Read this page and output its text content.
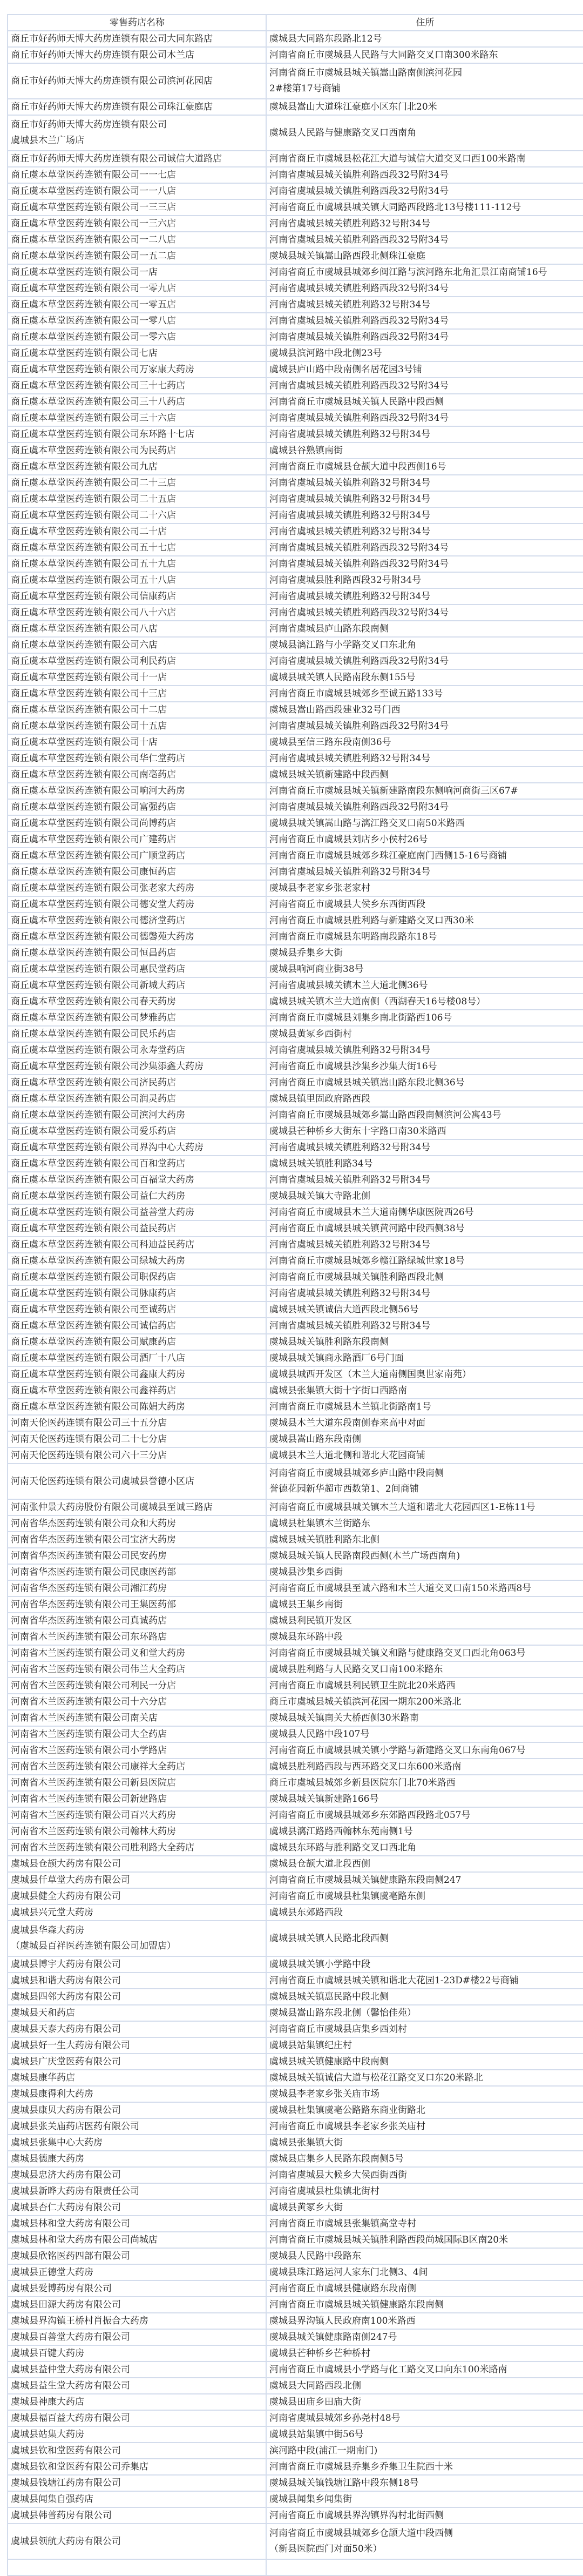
零售药店名称	住所
商丘市好药师天博大药房连锁有限公司大同东路店	虞城县大同路东段路北12号
商丘市好药师天博大药房连锁有限公司木兰店	河南省商丘市虞城县人民路与大同路交叉口南300米路东
商丘市好药师天博大药房连锁有限公司滨河花园店	河南省商丘市虞城县城关镇嵩山路南侧滨河花园
2#楼第17号商铺

商丘市好药师天博大药房连锁有限公司珠江豪庭店	虞城县嵩山大道珠江豪庭小区东门北20米

商丘市好药师天博大药房连锁有限公司
虞城县木兰广场店	虞城县人民路与健康路交叉口西南角
商丘市好药师天博大药房连锁有限公司诚信大道路店	河南省商丘市虞城县松花江大道与诚信大道交叉口西100米路南
商丘虞本草堂医药连锁有限公司一一七店	河南省虞城县城关镇胜利路西段32号附34号
商丘虞本草堂医药连锁有限公司一一八店	河南省虞城县城关镇胜利路西段32号附34号
商丘虞本草堂医药连锁有限公司一三三店	河南省商丘市虞城县城关镇大同路西段路北13号楼111-112号
商丘虞本草堂医药连锁有限公司一三六店	河南省虞城县城关镇胜利路32号附34号
商丘虞本草堂医药连锁有限公司一二八店	河南省虞城县城关镇胜利路西段32号附34号
商丘虞本草堂医药连锁有限公司一五二店	虞城县城关镇嵩山路西段北侧珠江豪庭
商丘虞本草堂医药连锁有限公司一店	河南省商丘市虞城县城郊乡闽江路与滨河路东北角汇景江南商铺16号
商丘虞本草堂医药连锁有限公司一零九店	河南省虞城县城关镇胜利路西段32号附34号
商丘虞本草堂医药连锁有限公司一零五店	河南省虞城县城关镇胜利路32号附34号
商丘虞本草堂医药连锁有限公司一零八店	河南省虞城县城关镇胜利路西段32号附34号
商丘虞本草堂医药连锁有限公司一零六店	河南省虞城县城关镇胜利路西段32号附34号
商丘虞本草堂医药连锁有限公司七店	虞城县滨河路中段北侧23号
商丘虞本草堂医药连锁有限公司万家康大药房	虞城县庐山路中段南侧名居花园3号铺
商丘虞本草堂医药连锁有限公司三十七药店	河南省虞城县城关镇胜利路西段32号附34号
商丘虞本草堂医药连锁有限公司三十八药店	河南省商丘市虞城县城关镇人民路中段西侧
商丘虞本草堂医药连锁有限公司三十六店	河南省虞城县城关镇胜利路西段32号附34号
商丘虞本草堂医药连锁有限公司东环路十七店	河南省虞城县城关镇胜利路32号附34号
商丘虞本草堂医药连锁有限公司为民药店	虞城县谷熟镇南街
商丘虞本草堂医药连锁有限公司九店	河南省商丘市虞城县仓颉大道中段西侧16号
商丘虞本草堂医药连锁有限公司二十三店	河南省虞城县城关镇胜利路32号附34号
商丘虞本草堂医药连锁有限公司二十五店	河南省虞城县城关镇胜利路32号附34号
商丘虞本草堂医药连锁有限公司二十六店	河南省虞城县城关镇胜利路32号附34号
商丘虞本草堂医药连锁有限公司二十店	河南省虞城县城关镇胜利路32号附34号
商丘虞本草堂医药连锁有限公司五十七店	河南省虞城县城关镇胜利路西段32号附34号
商丘虞本草堂医药连锁有限公司五十九店	河南省虞城县城关镇胜利路西段32号附34号
商丘虞本草堂医药连锁有限公司五十八店	河南省虞城县胜利路西段32号附34号
商丘虞本草堂医药连锁有限公司信康药店	河南省虞城县城关镇胜利路32号附34号
商丘虞本草堂医药连锁有限公司八十六店	河南省虞城县城关镇胜利路西段32号附34号
商丘虞本草堂医药连锁有限公司八店	河南省虞城县庐山路东段南侧
商丘虞本草堂医药连锁有限公司六店	虞城县漓江路与小学路交叉口东北角
商丘虞本草堂医药连锁有限公司利民药店	河南省虞城县城关镇胜利路西段32号附34号
商丘虞本草堂医药连锁有限公司十一店	虞城县城关镇人民路南段东侧155号
商丘虞本草堂医药连锁有限公司十三店	河南省商丘市虞城县城郊乡至诚五路133号
商丘虞本草堂医药连锁有限公司十二店	虞城县嵩山路西段建业32号门西
商丘虞本草堂医药连锁有限公司十五店	河南省虞城县城关镇胜利路西段32号附34号
商丘虞本草堂医药连锁有限公司十店	虞城县至信三路东段南侧36号
商丘虞本草堂医药连锁有限公司华仁堂药店	河南省虞城县城关镇胜利路32号附34号
商丘虞本草堂医药连锁有限公司南亳药店	虞城县城关镇新建路中段西侧
商丘虞本草堂医药连锁有限公司响河大药房	河南省商丘市虞城县城关镇新建路南段东侧响河商街三区67#
商丘虞本草堂医药连锁有限公司富强药店	河南省虞城县城关镇胜利路西段32号附34号
商丘虞本草堂医药连锁有限公司尚博药店	虞城县城关镇嵩山路与漓江路交叉口南50米路西
商丘虞本草堂医药连锁有限公司广建药店	河南省商丘市虞城县刘店乡小侯村26号
商丘虞本草堂医药连锁有限公司广顺堂药店	河南省商丘市虞城县城郊乡珠江豪庭南门西侧15-16号商铺
商丘虞本草堂医药连锁有限公司康恒药店	河南省虞城县城关镇胜利路32号附34号
商丘虞本草堂医药连锁有限公司张老家大药房	虞城县李老家乡张老家村
商丘虞本草堂医药连锁有限公司德安堂大药房	河南省商丘市虞城县大侯乡东西街西段
商丘虞本草堂医药连锁有限公司德济堂药店	河南省商丘市虞城县胜利路与新建路交叉口西30米
商丘虞本草堂医药连锁有限公司德馨苑大药房	河南省商丘市虞城县东明路南段路东18号
商丘虞本草堂医药连锁有限公司恒昌药店	虞城县乔集乡大街
商丘虞本草堂医药连锁有限公司惠民堂药店	虞城县响河商业街38号
商丘虞本草堂医药连锁有限公司新城大药店	河南省虞城县城关镇木兰大道北侧36号
商丘虞本草堂医药连锁有限公司春天药房	虞城县城关镇木兰大道南侧（西湖春天16号楼08号）
商丘虞本草堂医药连锁有限公司梦雅药店	河南省商丘市虞城县刘集乡南北街路西106号
商丘虞本草堂医药连锁有限公司民乐药店	虞城县黄冢乡西街村
商丘虞本草堂医药连锁有限公司永寿堂药店	河南省虞城县城关镇胜利路32号附34号
商丘虞本草堂医药连锁有限公司沙集添鑫大药房	河南省商丘市虞城县沙集乡沙集大街16号
商丘虞本草堂医药连锁有限公司济民药店	河南省商丘市虞城县城关镇嵩山路东段北侧36号
商丘虞本草堂医药连锁有限公司润灵药店	虞城县镇里固政府路西段
商丘虞本草堂医药连锁有限公司滨河大药房	河南省商丘市虞城县城郊乡嵩山路西段南侧滨河公寓43号
商丘虞本草堂医药连锁有限公司爱乐药店	虞城县芒种桥乡大街东十字路口南30米路西
商丘虞本草堂医药连锁有限公司界沟中心大药房	河南省虞城县城关镇胜利路32号附34号
商丘虞本草堂医药连锁有限公司百和堂药店	虞城县城关镇胜利路34号
商丘虞本草堂医药连锁有限公司百福堂大药房	河南省虞城县城关镇胜利路32号附34号
商丘虞本草堂医药连锁有限公司益仁大药房	虞城县城关镇大寺路北侧
商丘虞本草堂医药连锁有限公司益善堂大药房	河南省商丘市虞城县木兰大道南侧华康医院西26号
商丘虞本草堂医药连锁有限公司益民药店	河南省商丘市虞城县城关镇黄河路中段西侧38号
商丘虞本草堂医药连锁有限公司科迪益民药店	河南省虞城县城关镇胜利路32号附34号
商丘虞本草堂医药连锁有限公司绿城大药房	河南省商丘市虞城县城郊乡赣江路绿城世家18号
商丘虞本草堂医药连锁有限公司职保药店	河南省商丘市虞城县城关镇胜利路西段北侧
商丘虞本草堂医药连锁有限公司脉康药店	河南省虞城县城关镇胜利路32号附34号
商丘虞本草堂医药连锁有限公司至诚药店	虞城县城关镇诚信大道西段北侧56号
商丘虞本草堂医药连锁有限公司诚信药店	河南省虞城县城关镇胜利路32号附34号
商丘虞本草堂医药连锁有限公司赋康药店	虞城县城关镇胜利路东段南侧
商丘虞本草堂医药连锁有限公司酒厂十八店	虞城县城关镇商永路酒厂6号门面
商丘虞本草堂医药连锁有限公司鑫康大药房	虞城县城西开发区（木兰大道南侧国奥世家南苑）
商丘虞本草堂医药连锁有限公司鑫祥药店	虞城县张集镇大街十字街口西路南
商丘虞本草堂医药连锁有限公司陈娟大药房	河南省商丘市虞城县木兰镇北街路南1号
河南天伦医药连锁有限公司三十五分店	虞城县木兰大道东段南侧春来高中对面
河南天伦医药连锁有限公司二十七分店	虞城县嵩山路东段南侧
河南天伦医药连锁有限公司六十三分店	虞城县木兰大道北侧和谐北大花园商铺
河南天伦医药连锁有限公司虞城县誉德小区店	河南省商丘市虞城县城郊乡庐山路中段南侧
誉德花园新华超市西数第1、2间商铺

河南张仲景大药房股份有限公司虞城县至诚三路店	河南省商丘市虞城县城关镇木兰大道和谐北大花园西区1-E栋11号
河南省华杰医药连锁有限公司众和大药房	虞城县杜集镇木兰街路东
河南省华杰医药连锁有限公司宝济大药房	虞城县城关镇胜利路东北侧
河南省华杰医药连锁有限公司民安药房	虞城县城关镇人民路南段西侧(木兰广场西南角)
河南省华杰医药连锁有限公司民康医药部	虞城县沙集乡西街
河南省华杰医药连锁有限公司湘江药房	河南省商丘市虞城县至诚六路和木兰大道交叉口南150米路西8号
河南省华杰医药连锁有限公司王集医药部	虞城县王集乡南街
河南省华杰医药连锁有限公司真诚药店	虞城县利民镇开发区
河南省木兰医药连锁有限公司东环路店	虞城县东环路中段
河南省木兰医药连锁有限公司义和堂大药房	河南省商丘市虞城县城关镇义和路与健康路交叉口西北角063号
河南省木兰医药连锁有限公司伟兰大全药店	虞城县胜利路与人民路交叉口南100米路东
河南省木兰医药连锁有限公司利民一分店	河南省商丘市虞城县利民镇卫生院北20米路西
河南省木兰医药连锁有限公司十六分店	商丘市虞城县城关镇滨河花园一期东200米路北
河南省木兰医药连锁有限公司南关店	虞城县城关镇南关大桥西侧30米路南
河南省木兰医药连锁有限公司大全药店	虞城县人民路中段107号
河南省木兰医药连锁有限公司小学路店	河南省商丘市虞城县城关镇小学路与新建路交叉口东南角067号
河南省木兰医药连锁有限公司康祥大全药店	虞城县胜利路西段与西环路交叉口东600米路南
河南省木兰医药连锁有限公司新县医院店	商丘市虞城县城郊乡新县医院东门北70米路西
河南省木兰医药连锁有限公司新建路店	虞城县城关镇新建路166号
河南省木兰医药连锁有限公司百兴大药房	河南省商丘市虞城县城郊乡东郊路西段路北057号
河南省木兰医药连锁有限公司翰林大药房	虞城县漓江路路西翰林东苑南侧1号
河南省木兰医药连锁有限公司胜利路大全药店	虞城县东环路与胜利路交叉口西北角
虞城县仓颉大药房有限公司	虞城县仓颉大道北段西侧
虞城县仟草堂大药房有限公司	河南省商丘市虞城县城关镇健康路东段南侧247
虞城县健全大药房有限公司	河南省商丘市虞城县杜集镇虞亳路东侧
虞城县兴元堂大药房	虞城县东郊路西段

虞城县华森大药房
（虞城县百祥医药连锁有限公司加盟店）	虞城县城关镇人民路北段西侧
虞城县博宇大药房有限公司	虞城县城关镇小学路中段
虞城县和谐大药房有限公司	河南省商丘市虞城县城关镇和谐北大花园1-23D#楼22号商铺
虞城县四邻大药房有限公司	虞城县城关镇惠民路中段北侧
虞城县天和药店	虞城县嵩山路东段北侧（馨怡佳苑）
虞城县天泰大药房有限公司	河南省商丘市虞城县店集乡西刘村
虞城县好一生大药房有限公司	虞城县站集镇纪庄村
虞城县广庆堂医药有限公司	虞城县城关镇健康路中段南侧
虞城县康华药店	虞城县城关镇诚信大道与松花江路交叉口东20米路北
虞城县康得利大药房	虞城县李老家乡张关庙市场
虞城县康贝大药房有限公司	虞城县杜集镇虞亳公路路东商业街路北
虞城县张关庙药店医药有限公司	河南省商丘市虞城县李老家乡张关庙村
虞城县张集中心大药房	虞城县张集镇大街
虞城县德康大药房	虞城县店集乡人民路东段南侧5号
虞城县忠济大药房有限公司	河南省虞城县大候乡大侯西街西街
虞城县新晔大药房有限责任公司	河南省虞城县杜集镇北街村
虞城县杏仁大药房有限公司	虞城县黄冢乡大街
虞城县林和堂大药房有限公司	河南省商丘市虞城县张集镇高堂寺村
虞城县林和堂大药房有限公司尚城店	河南省商丘市虞城县城关镇胜利路西段尚城国际B区南20米
虞城县欣铭医药四部有限公司	虞城县人民路中段路东
虞城县正德堂大药房	虞城县珠江路运河人家东门北侧3、4间
虞城县爱博药房有限公司	河南省商丘市虞城县健康路东段南侧
虞城县田源大药房有限公司	河南省商丘市虞城县城关镇健康路东段南侧
虞城县界沟镇王桥村肖振合大药房	虞城县界沟镇人民政府南100米路西
虞城县百善堂大药房有限公司	虞城县城关镇健康路南侧247号
虞城县百键大药房	虞城县芒种桥乡芒种桥村
虞城县益仲堂大药房有限公司	河南省商丘市虞城县小学路与化工路交叉口向东100米路南
虞城县益生堂大药房有限公司	虞城县大同路西段北侧
虞城县神康大药店	虞城县田庙乡田庙大街
虞城县福百益大药房有限公司	河南省虞城县城郊乡孙尧村48号
虞城县站集大药房	虞城县站集镇中街56号
虞城县钦和堂医药有限公司	滨河路中段(浦江一期南门)
虞城县钦和堂医药有限公司乔集店	河南省商丘市虞城县乔集乡乔集卫生院西十米
虞城县钱塘江药房有限公司	虞城县城关镇钱塘江路中段东侧18号
虞城县闻集自强药店	虞城县闻集乡闻集街
虞城县韩普药房有限公司	河南省商丘市虞城县界沟镇界沟村北街西侧
虞城县领航大药房有限公司	河南省商丘市虞城县城郊乡仓颉大道中段西侧
（新县医院西门对面50米）
